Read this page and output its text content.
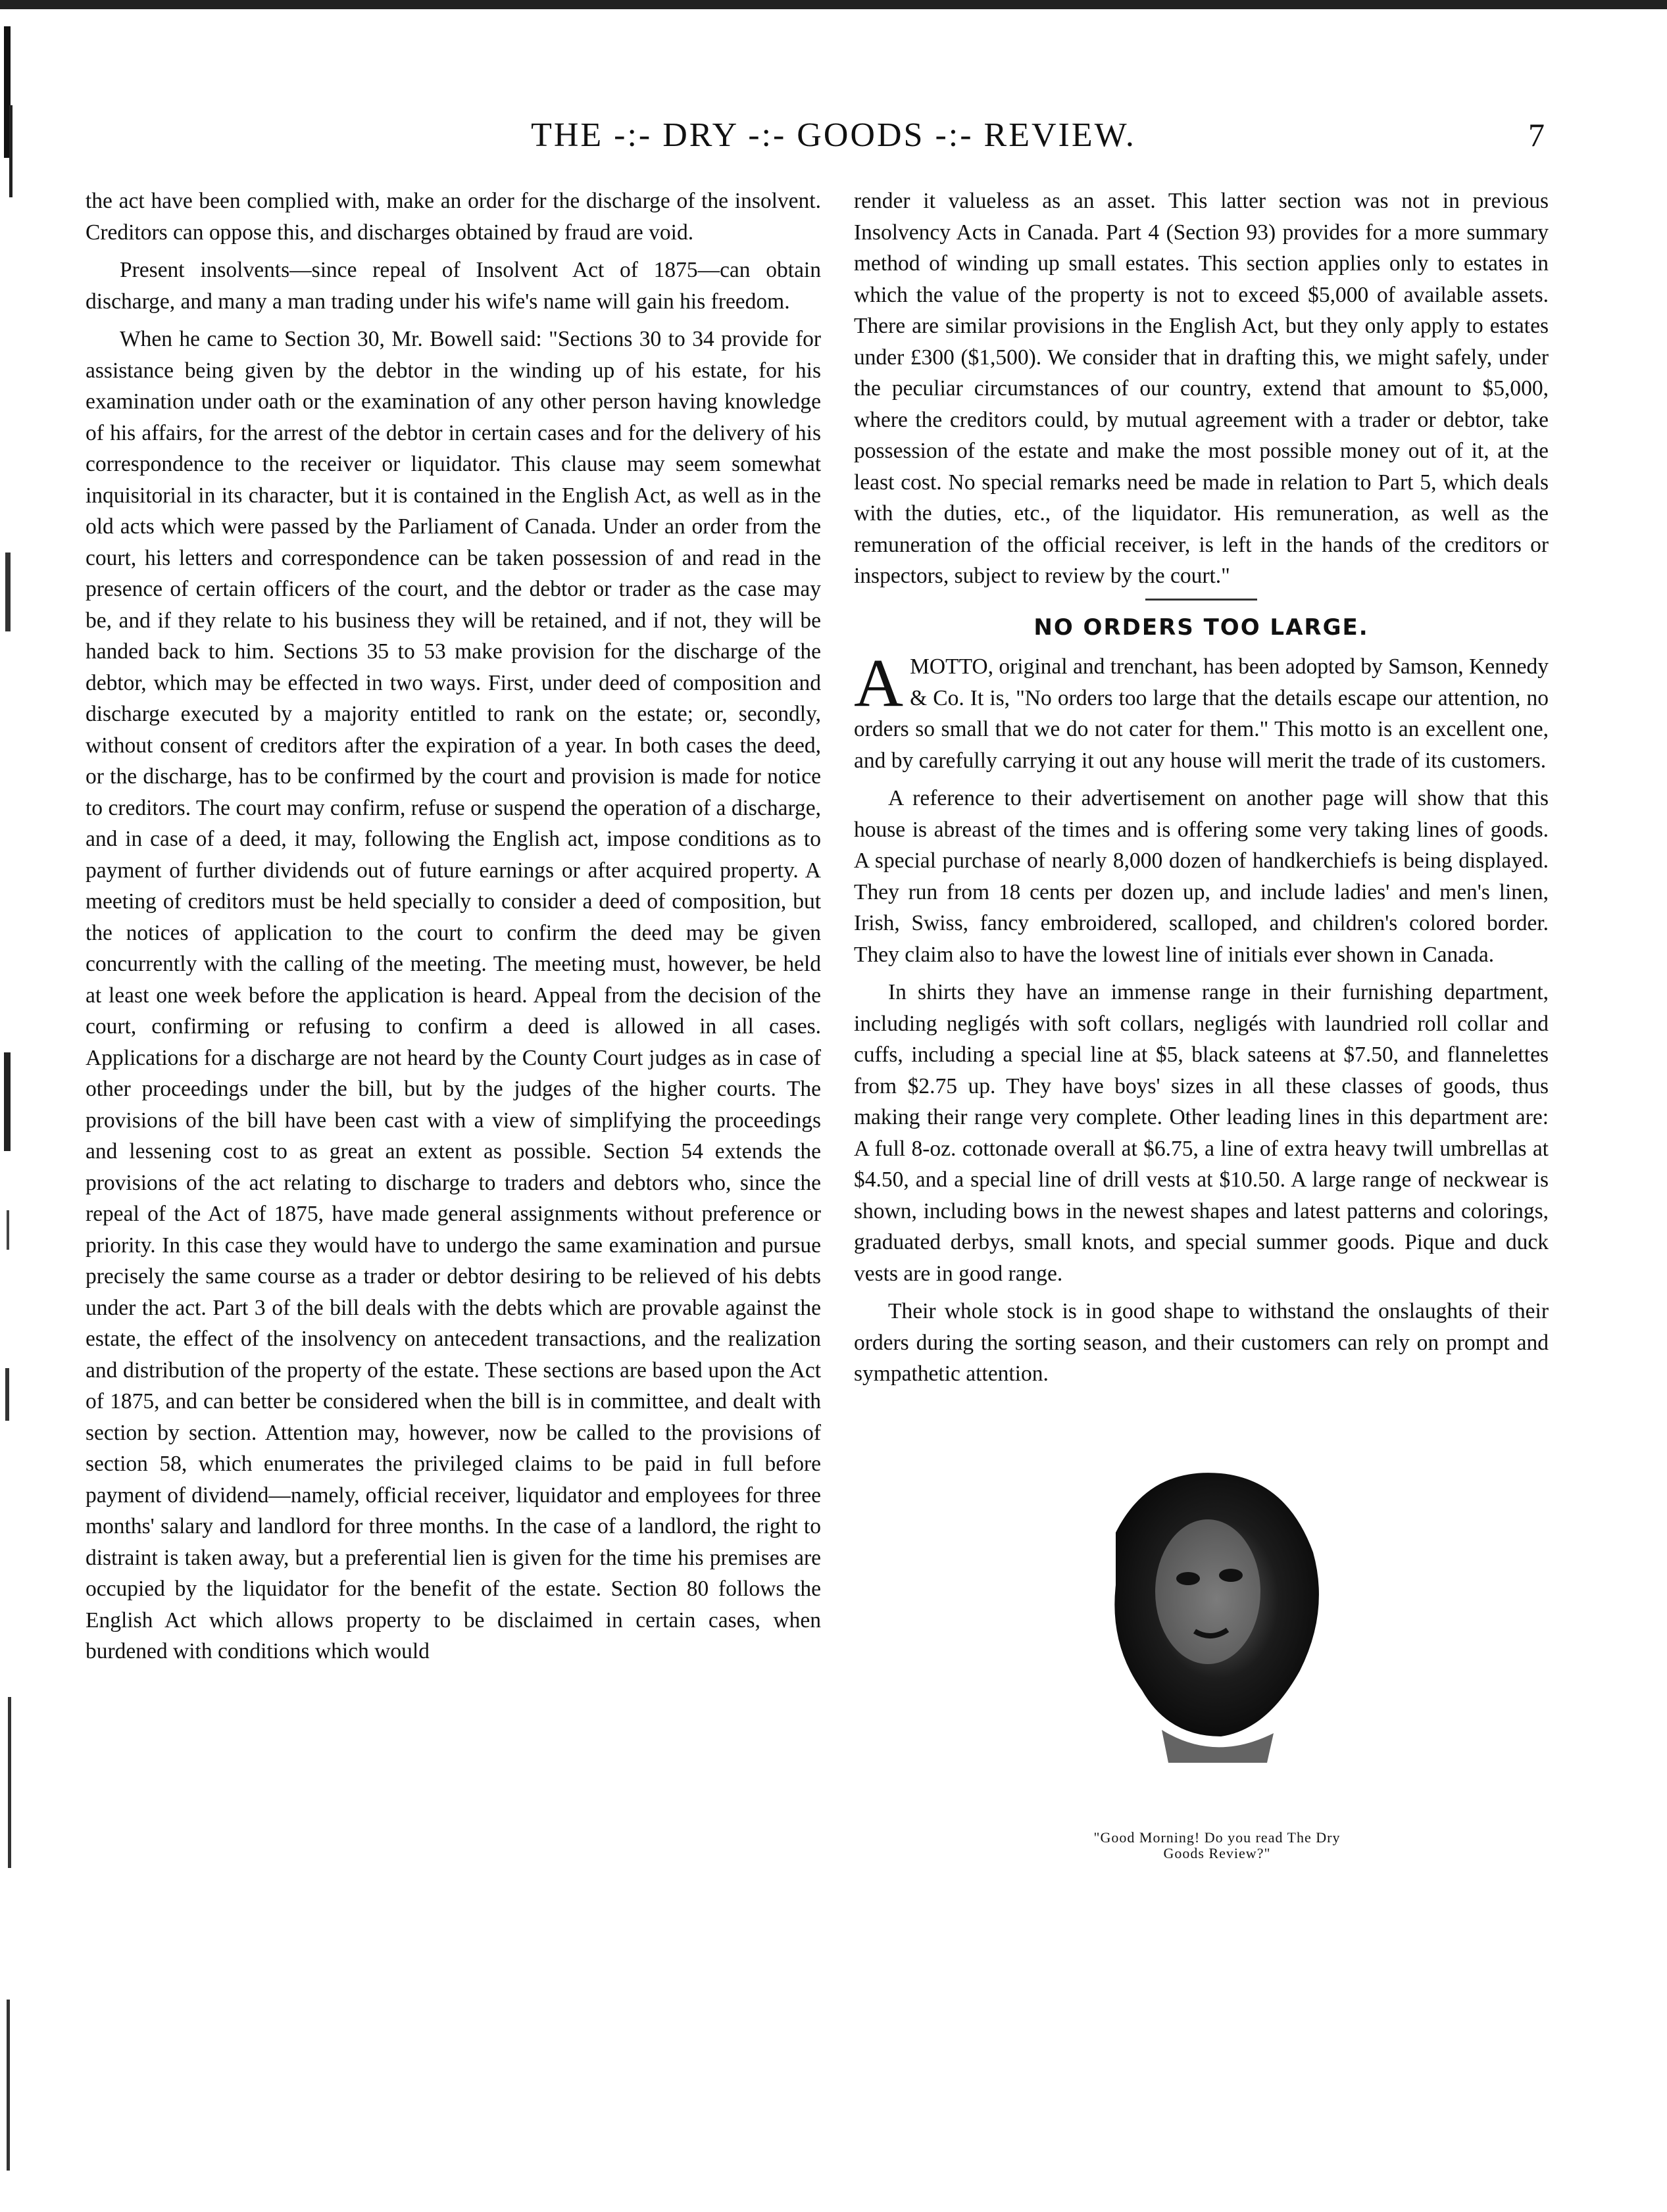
THE -:- DRY -:- GOODS -:- REVIEW.	7

the act have been complied with, make an order for the discharge of the insolvent. Creditors can oppose this, and discharges obtained by fraud are void.

Present insolvents—since repeal of Insolvent Act of 1875—can obtain discharge, and many a man trading under his wife's name will gain his freedom.

When he came to Section 30, Mr. Bowell said: "Sections 30 to 34 provide for assistance being given by the debtor in the winding up of his estate, for his examination under oath or the examination of any other person having knowledge of his affairs, for the arrest of the debtor in certain cases and for the delivery of his correspondence to the receiver or liquidator. This clause may seem somewhat inquisitorial in its character, but it is contained in the English Act, as well as in the old acts which were passed by the Parliament of Canada. Under an order from the court, his letters and correspondence can be taken possession of and read in the presence of certain officers of the court, and the debtor or trader as the case may be, and if they relate to his business they will be retained, and if not, they will be handed back to him. Sections 35 to 53 make provision for the discharge of the debtor, which may be effected in two ways. First, under deed of composition and discharge executed by a majority entitled to rank on the estate; or, secondly, without consent of creditors after the expiration of a year. In both cases the deed, or the discharge, has to be confirmed by the court and provision is made for notice to creditors. The court may confirm, refuse or suspend the operation of a discharge, and in case of a deed, it may, following the English act, impose conditions as to payment of further dividends out of future earnings or after acquired property. A meeting of creditors must be held specially to consider a deed of composition, but the notices of application to the court to confirm the deed may be given concurrently with the calling of the meeting. The meeting must, however, be held at least one week before the application is heard. Appeal from the decision of the court, confirming or refusing to confirm a deed is allowed in all cases. Applications for a discharge are not heard by the County Court judges as in case of other proceedings under the bill, but by the judges of the higher courts. The provisions of the bill have been cast with a view of simplifying the proceedings and lessening cost to as great an extent as possible. Section 54 extends the provisions of the act relating to discharge to traders and debtors who, since the repeal of the Act of 1875, have made general assignments without preference or priority. In this case they would have to undergo the same examination and pursue precisely the same course as a trader or debtor desiring to be relieved of his debts under the act. Part 3 of the bill deals with the debts which are provable against the estate, the effect of the insolvency on antecedent transactions, and the realization and distribution of the property of the estate. These sections are based upon the Act of 1875, and can better be considered when the bill is in committee, and dealt with section by section. Attention may, however, now be called to the provisions of section 58, which enumerates the privileged claims to be paid in full before payment of dividend—namely, official receiver, liquidator and employees for three months' salary and landlord for three months. In the case of a landlord, the right to distraint is taken away, but a preferential lien is given for the time his premises are occupied by the liquidator for the benefit of the estate. Section 80 follows the English Act which allows property to be disclaimed in certain cases, when burdened with conditions which would

render it valueless as an asset. This latter section was not in previous Insolvency Acts in Canada. Part 4 (Section 93) provides for a more summary method of winding up small estates. This section applies only to estates in which the value of the property is not to exceed $5,000 of available assets. There are similar provisions in the English Act, but they only apply to estates under £300 ($1,500). We consider that in drafting this, we might safely, under the peculiar circumstances of our country, extend that amount to $5,000, where the creditors could, by mutual agreement with a trader or debtor, take possession of the estate and make the most possible money out of it, at the least cost. No special remarks need be made in relation to Part 5, which deals with the duties, etc., of the liquidator. His remuneration, as well as the remuneration of the official receiver, is left in the hands of the creditors or inspectors, subject to review by the court."

NO ORDERS TOO LARGE.

AMOTTO, original and trenchant, has been adopted by Samson, Kennedy & Co. It is, "No orders too large that the details escape our attention, no orders so small that we do not cater for them." This motto is an excellent one, and by carefully carrying it out any house will merit the trade of its customers.

A reference to their advertisement on another page will show that this house is abreast of the times and is offering some very taking lines of goods. A special purchase of nearly 8,000 dozen of handkerchiefs is being displayed. They run from 18 cents per dozen up, and include ladies' and men's linen, Irish, Swiss, fancy embroidered, scalloped, and children's colored border. They claim also to have the lowest line of initials ever shown in Canada.

In shirts they have an immense range in their furnishing department, including negligés with soft collars, negligés with laundried roll collar and cuffs, including a special line at $5, black sateens at $7.50, and flannelettes from $2.75 up. They have boys' sizes in all these classes of goods, thus making their range very complete. Other leading lines in this department are: A full 8-oz. cottonade overall at $6.75, a line of extra heavy twill umbrellas at $4.50, and a special line of drill vests at $10.50. A large range of neckwear is shown, including bows in the newest shapes and latest patterns and colorings, graduated derbys, small knots, and special summer goods. Pique and duck vests are in good range.

Their whole stock is in good shape to withstand the onslaughts of their orders during the sorting season, and their customers can rely on prompt and sympathetic attention.

"Good Morning! Do you read The Dry
Goods Review?"
